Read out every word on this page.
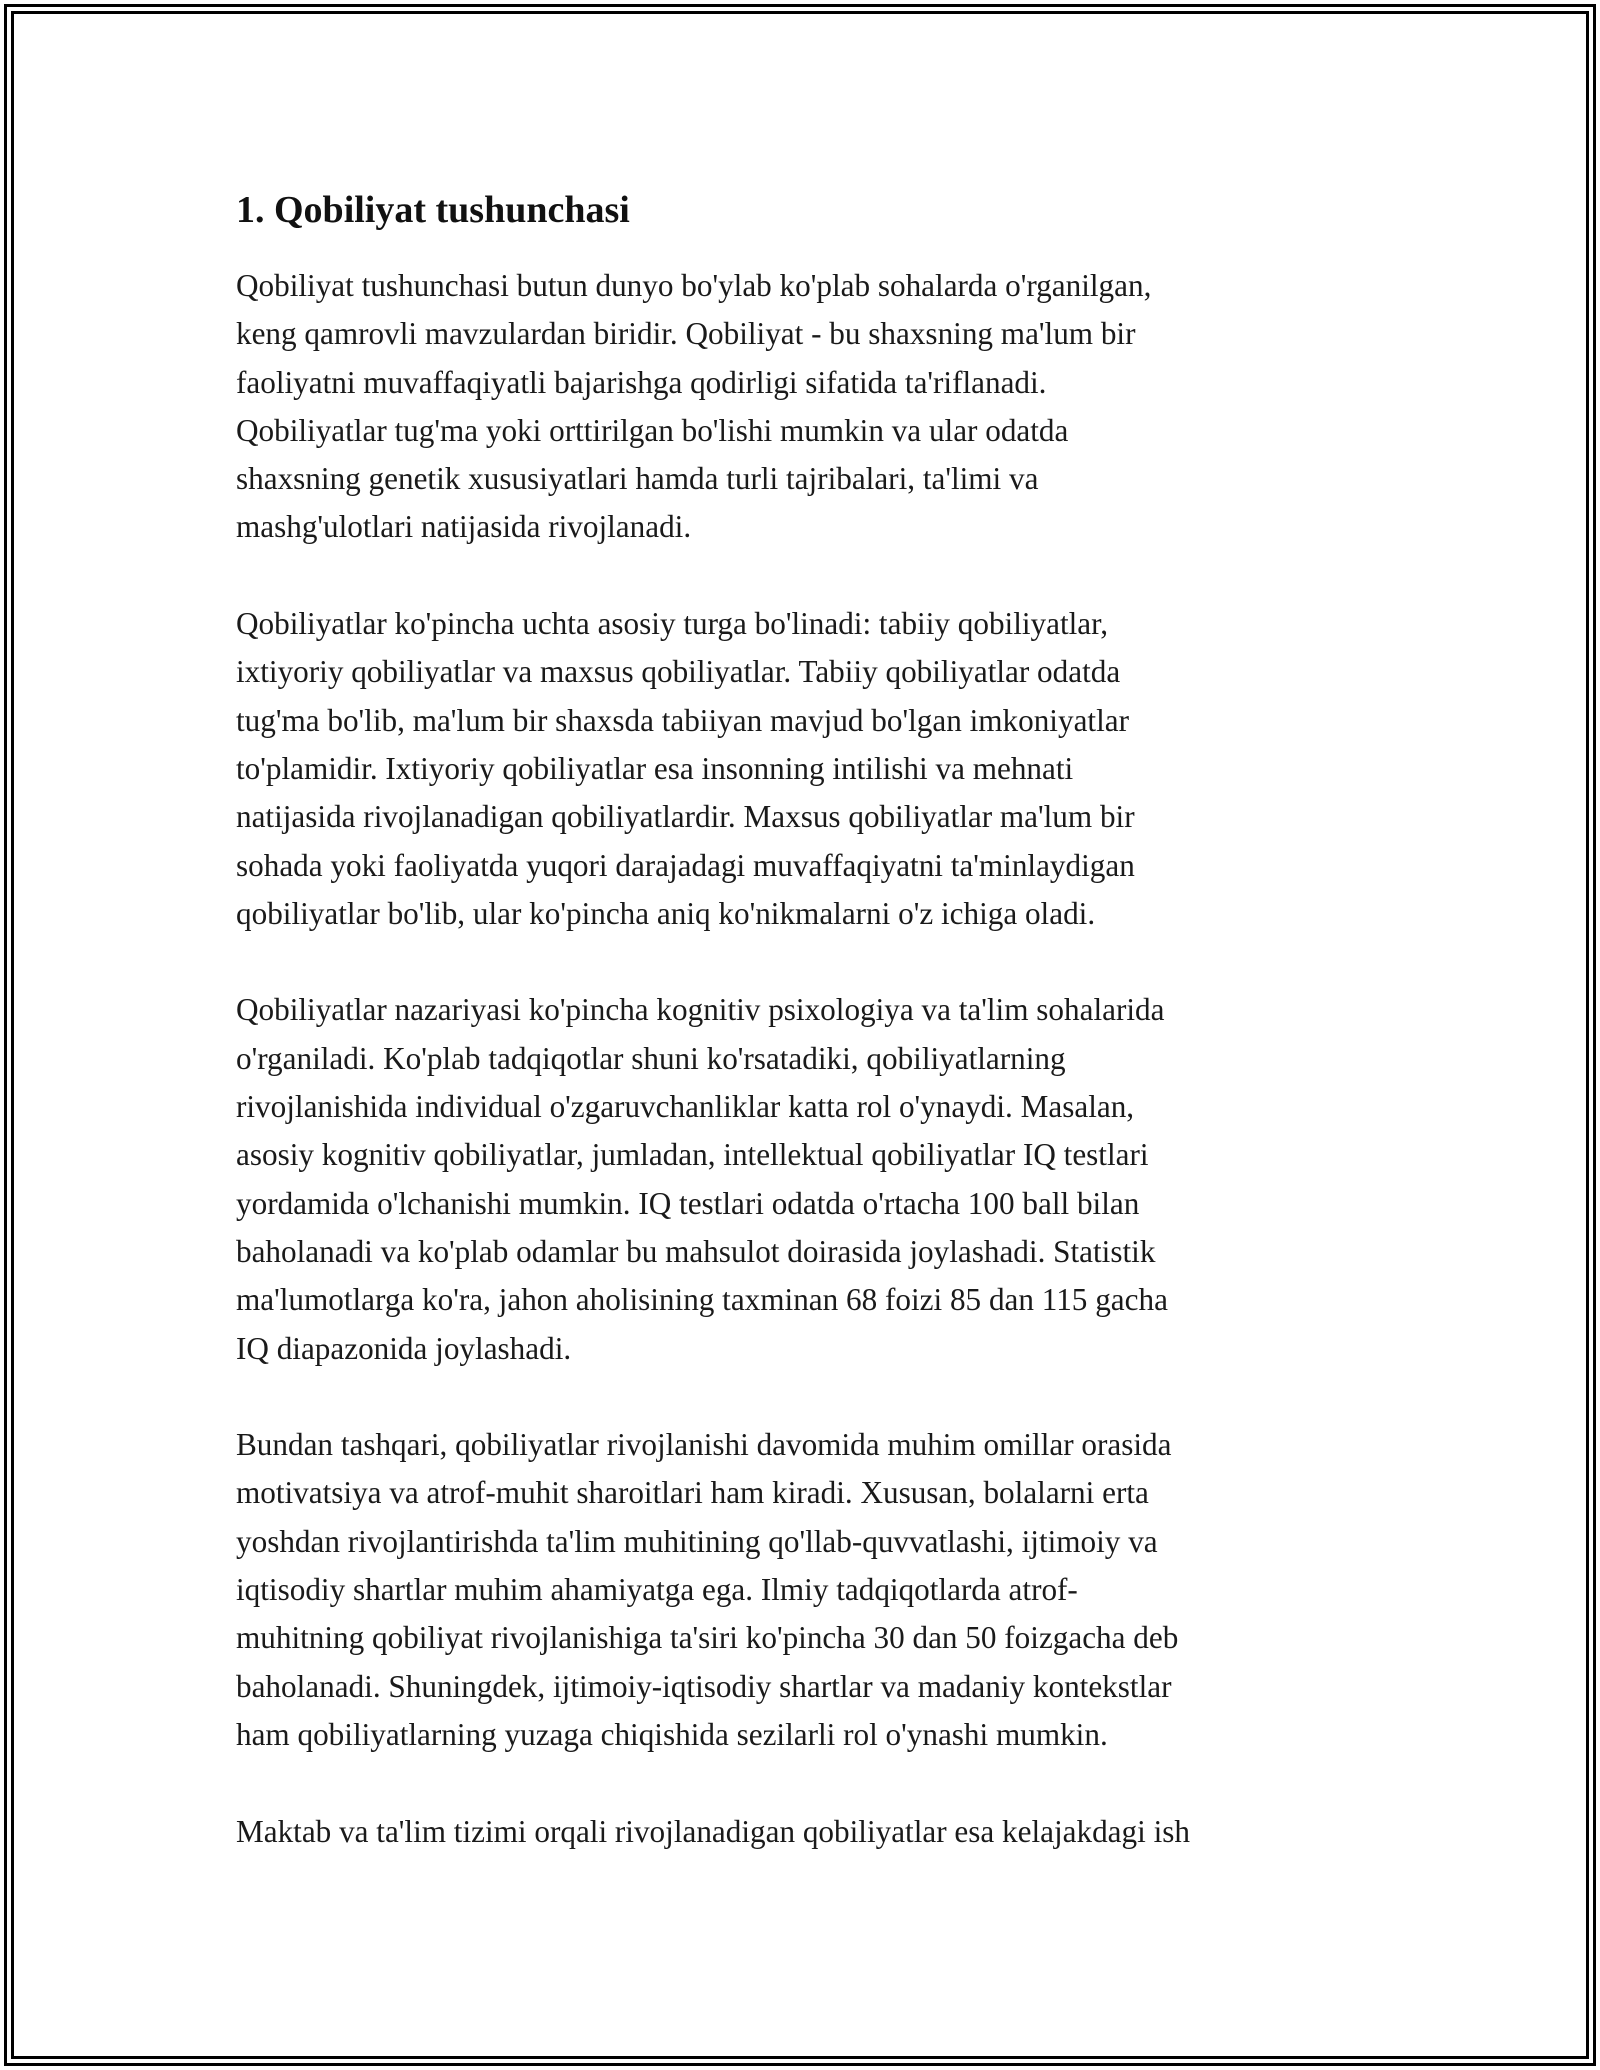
1. Qobiliyat tushunchasi

Qobiliyat tushunchasi butun dunyo bo'ylab ko'plab sohalarda o'rganilgan,
keng qamrovli mavzulardan biridir. Qobiliyat - bu shaxsning ma'lum bir
faoliyatni muvaffaqiyatli bajarishga qodirligi sifatida ta'riflanadi.
Qobiliyatlar tug'ma yoki orttirilgan bo'lishi mumkin va ular odatda
shaxsning genetik xususiyatlari hamda turli tajribalari, ta'limi va
mashg'ulotlari natijasida rivojlanadi.

Qobiliyatlar ko'pincha uchta asosiy turga bo'linadi: tabiiy qobiliyatlar,
ixtiyoriy qobiliyatlar va maxsus qobiliyatlar. Tabiiy qobiliyatlar odatda
tug'ma bo'lib, ma'lum bir shaxsda tabiiyan mavjud bo'lgan imkoniyatlar
to'plamidir. Ixtiyoriy qobiliyatlar esa insonning intilishi va mehnati
natijasida rivojlanadigan qobiliyatlardir. Maxsus qobiliyatlar ma'lum bir
sohada yoki faoliyatda yuqori darajadagi muvaffaqiyatni ta'minlaydigan
qobiliyatlar bo'lib, ular ko'pincha aniq ko'nikmalarni o'z ichiga oladi.

Qobiliyatlar nazariyasi ko'pincha kognitiv psixologiya va ta'lim sohalarida
o'rganiladi. Ko'plab tadqiqotlar shuni ko'rsatadiki, qobiliyatlarning
rivojlanishida individual o'zgaruvchanliklar katta rol o'ynaydi. Masalan,
asosiy kognitiv qobiliyatlar, jumladan, intellektual qobiliyatlar IQ testlari
yordamida o'lchanishi mumkin. IQ testlari odatda o'rtacha 100 ball bilan
baholanadi va ko'plab odamlar bu mahsulot doirasida joylashadi. Statistik
ma'lumotlarga ko'ra, jahon aholisining taxminan 68 foizi 85 dan 115 gacha
IQ diapazonida joylashadi.

Bundan tashqari, qobiliyatlar rivojlanishi davomida muhim omillar orasida
motivatsiya va atrof-muhit sharoitlari ham kiradi. Xususan, bolalarni erta
yoshdan rivojlantirishda ta'lim muhitining qo'llab-quvvatlashi, ijtimoiy va
iqtisodiy shartlar muhim ahamiyatga ega. Ilmiy tadqiqotlarda atrof-
muhitning qobiliyat rivojlanishiga ta'siri ko'pincha 30 dan 50 foizgacha deb
baholanadi. Shuningdek, ijtimoiy-iqtisodiy shartlar va madaniy kontekstlar
ham qobiliyatlarning yuzaga chiqishida sezilarli rol o'ynashi mumkin.

Maktab va ta'lim tizimi orqali rivojlanadigan qobiliyatlar esa kelajakdagi ish
